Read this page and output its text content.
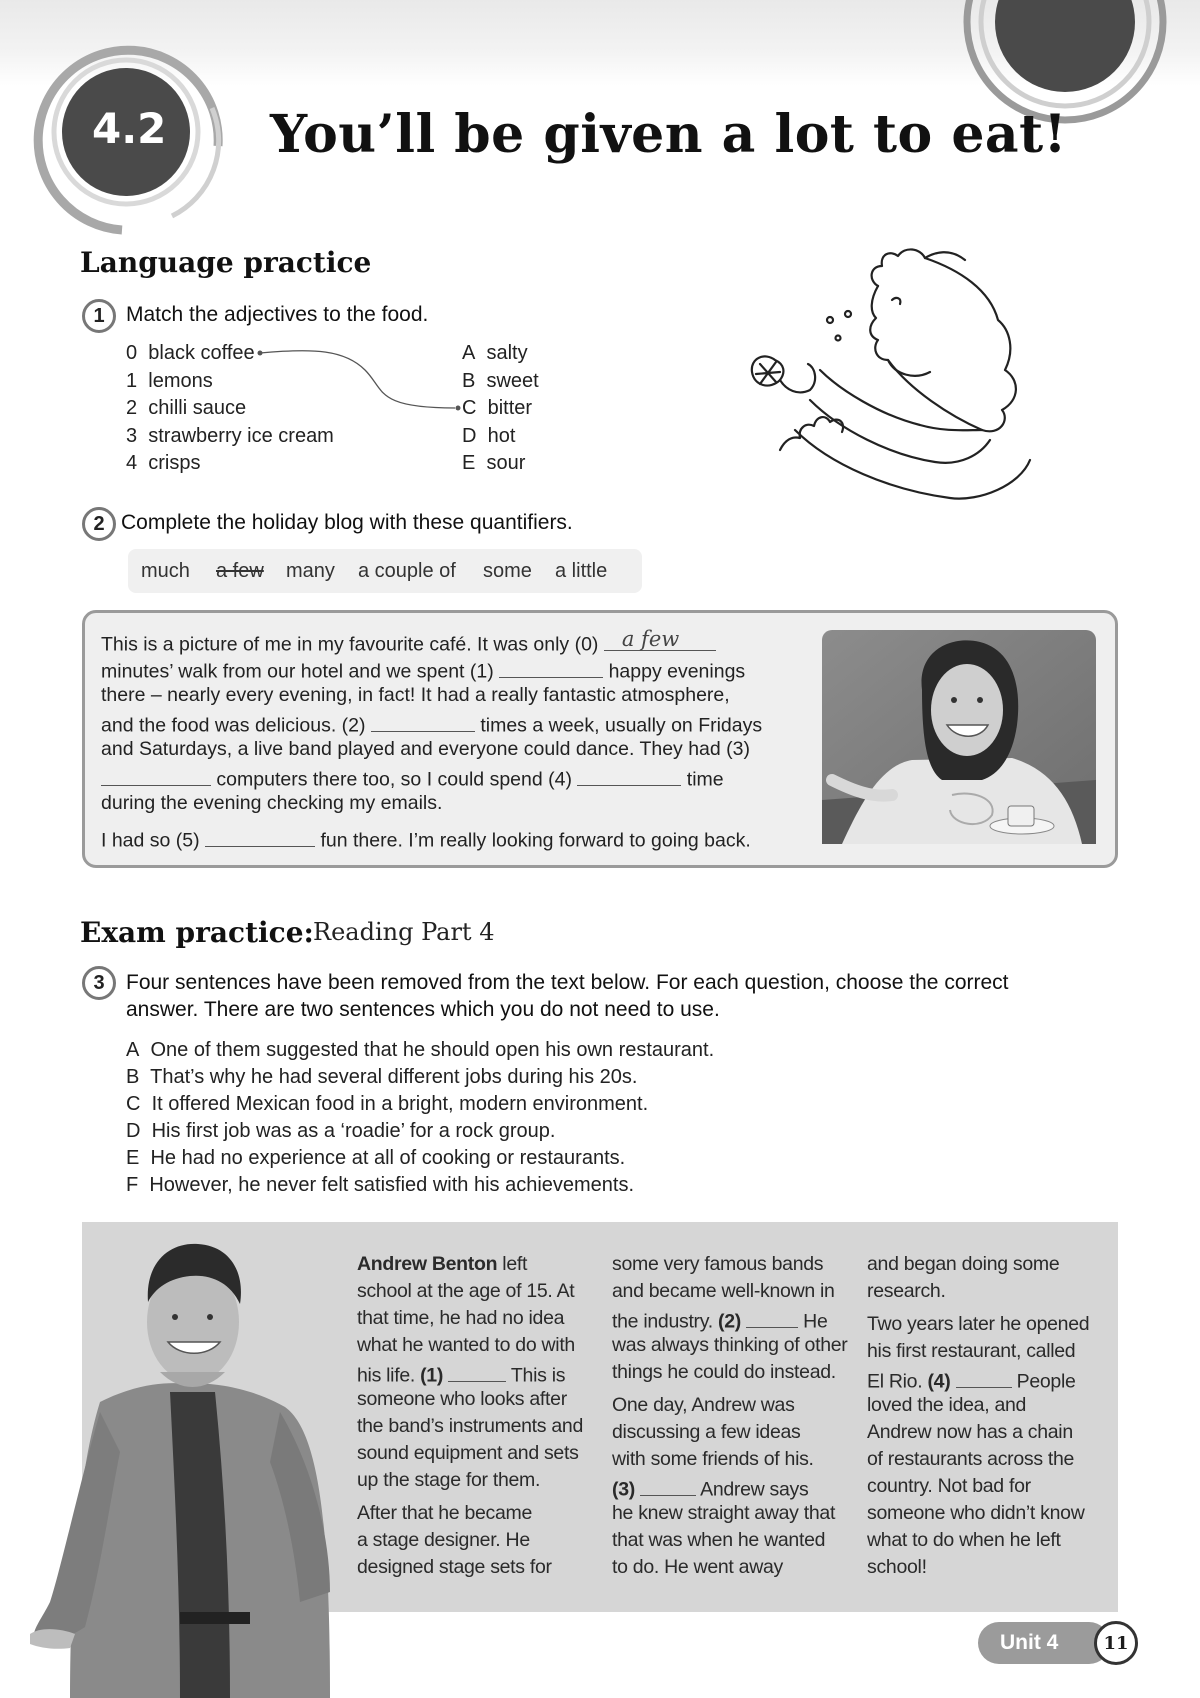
4.2 You’ll be given a lot to eat!
Language practice
1	Match the adjectives to the food.
0 black coffee
1 lemons
2 chilli sauce
3 strawberry ice cream
4 crisps
A salty
B sweet
C bitter
D hot
E sour
2 Complete the holiday blog with these quantifiers.
much a few many a couple of some a little
This is a picture of me in my favourite café. It was only (0) a few
minutes’ walk from our hotel and we spent (1)	happy evenings
there – nearly every evening, in fact! It had a really fantastic atmosphere,
and the food was delicious. (2)	times a week, usually on Fridays
and Saturdays, a live band played and everyone could dance. They had (3)
computers there too, so I could spend (4)	time
during the evening checking my emails.
I had so (5)	fun there. I’m really looking forward to going back.
Exam practice: Reading Part 4
3	Four sentences have been removed from the text below. For each question, choose the correct
answer. There are two sentences which you do not need to use.
A One of them suggested that he should open his own restaurant.
B That’s why he had several different jobs during his 20s.
C It offered Mexican food in a bright, modern environment.
D His first job was as a ‘roadie’ for a rock group.
E He had no experience at all of cooking or restaurants.
F However, he never felt satisfied with his achievements.
Andrew Benton left
school at the age of 15. At
that time, he had no idea
what he wanted to do with
his life. (1)	This is
someone who looks after
the band’s instruments and
sound equipment and sets
up the stage for them.
After that he became
a stage designer. He
designed stage sets for
some very famous bands
and became well-known in
the industry. (2)	He
was always thinking of other
things he could do instead.
One day, Andrew was
discussing a few ideas
with some friends of his.
(3)	Andrew says
he knew straight away that
that was when he wanted
to do. He went away
and began doing some
research.
Two years later he opened
his first restaurant, called
El Rio. (4)	People
loved the idea, and
Andrew now has a chain
of restaurants across the
country. Not bad for
someone who didn’t know
what to do when he left
school!
Unit 4	11
